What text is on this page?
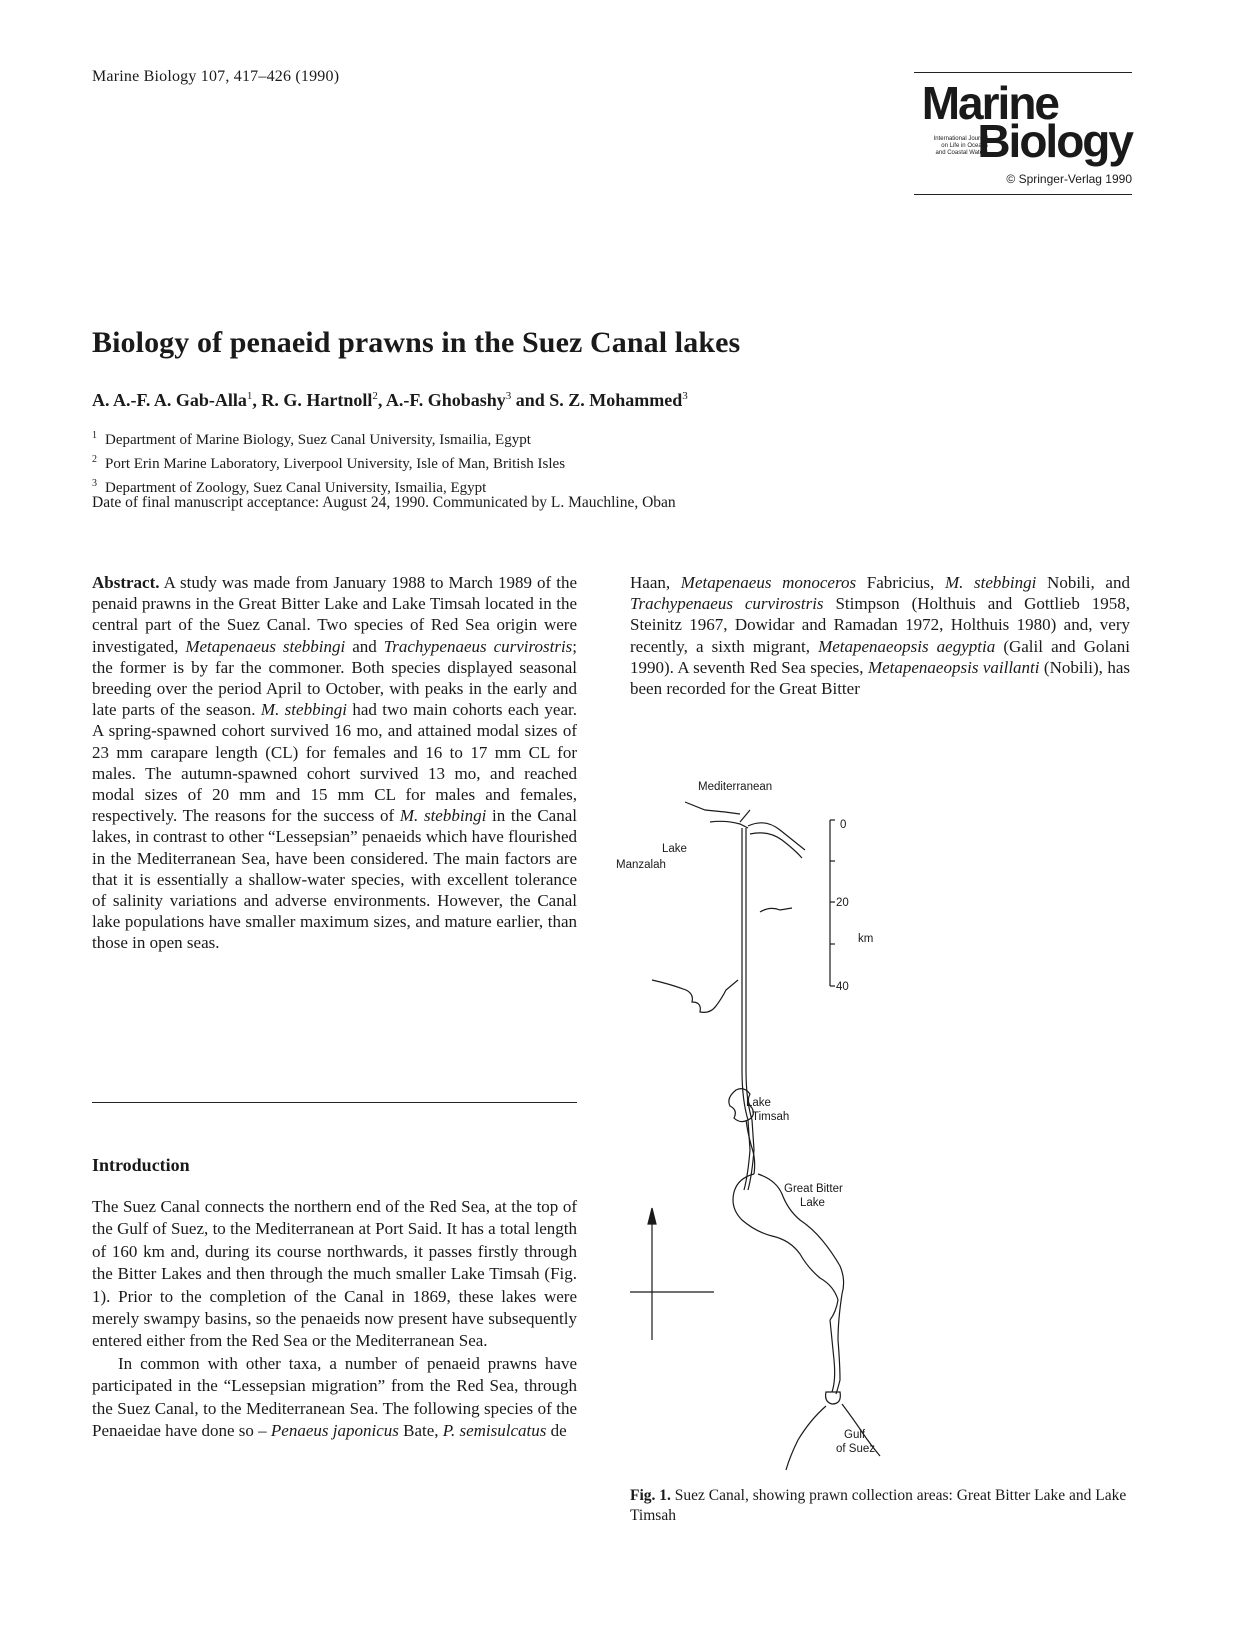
Marine Biology 107, 417–426 (1990)
Marine
International Journal
on Life in Oceans
and Coastal Waters
Biology
© Springer-Verlag 1990
Biology of penaeid prawns in the Suez Canal lakes
A. A.-F. A. Gab-Alla$^1$, R. G. Hartnoll$^2$, A.-F. Ghobashy$^3$ and S. Z. Mohammed$^3$
$^1$ Department of Marine Biology, Suez Canal University, Ismailia, Egypt
$^2$ Port Erin Marine Laboratory, Liverpool University, Isle of Man, British Isles
$^3$ Department of Zoology, Suez Canal University, Ismailia, Egypt
Date of final manuscript acceptance: August 24, 1990. Communicated by L. Mauchline, Oban

Abstract. A study was made from January 1988 to March 1989 of the penaid prawns in the Great Bitter Lake and Lake Timsah located in the central part of the Suez Canal. Two species of Red Sea origin were investigated, Metapenaeus stebbingi and Trachypenaeus curvirostris; the former is by far the commoner. Both species displayed seasonal breeding over the period April to October, with peaks in the early and late parts of the season. M. stebbingi had two main cohorts each year. A spring-spawned cohort survived 16 mo, and attained modal sizes of 23 mm carapare length (CL) for females and 16 to 17 mm CL for males. The autumn-spawned cohort survived 13 mo, and reached modal sizes of 20 mm and 15 mm CL for males and females, respectively. The reasons for the success of M. stebbingi in the Canal lakes, in contrast to other “Lessepsian” penaeids which have flourished in the Mediterranean Sea, have been considered. The main factors are that it is essentially a shallow-water species, with excellent tolerance of salinity variations and adverse environments. However, the Canal lake populations have smaller maximum sizes, and mature earlier, than those in open seas.

Introduction

The Suez Canal connects the northern end of the Red Sea, at the top of the Gulf of Suez, to the Mediterranean at Port Said. It has a total length of 160 km and, during its course northwards, it passes firstly through the Bitter Lakes and then through the much smaller Lake Timsah (Fig. 1). Prior to the completion of the Canal in 1869, these lakes were merely swampy basins, so the penaeids now present have subsequently entered either from the Red Sea or the Mediterranean Sea.

In common with other taxa, a number of penaeid prawns have participated in the “Lessepsian migration” from the Red Sea, through the Suez Canal, to the Mediterranean Sea. The following species of the Penaeidae have done so – Penaeus japonicus Bate, P. semisulcatus de

Haan, Metapenaeus monoceros Fabricius, M. stebbingi Nobili, and Trachypenaeus curvirostris Stimpson (Holthuis and Gottlieb 1958, Steinitz 1967, Dowidar and Ramadan 1972, Holthuis 1980) and, very recently, a sixth migrant, Metapenaeopsis aegyptia (Galil and Golani 1990). A seventh Red Sea species, Metapenaeopsis vaillanti (Nobili), has been recorded for the Great Bitter

Mediterranean
Lake
Manzalah
0
20
km
40
Lake
Timsah
Great Bitter
Lake
Gulf
of Suez
Fig. 1. Suez Canal, showing prawn collection areas: Great Bitter Lake and Lake Timsah
